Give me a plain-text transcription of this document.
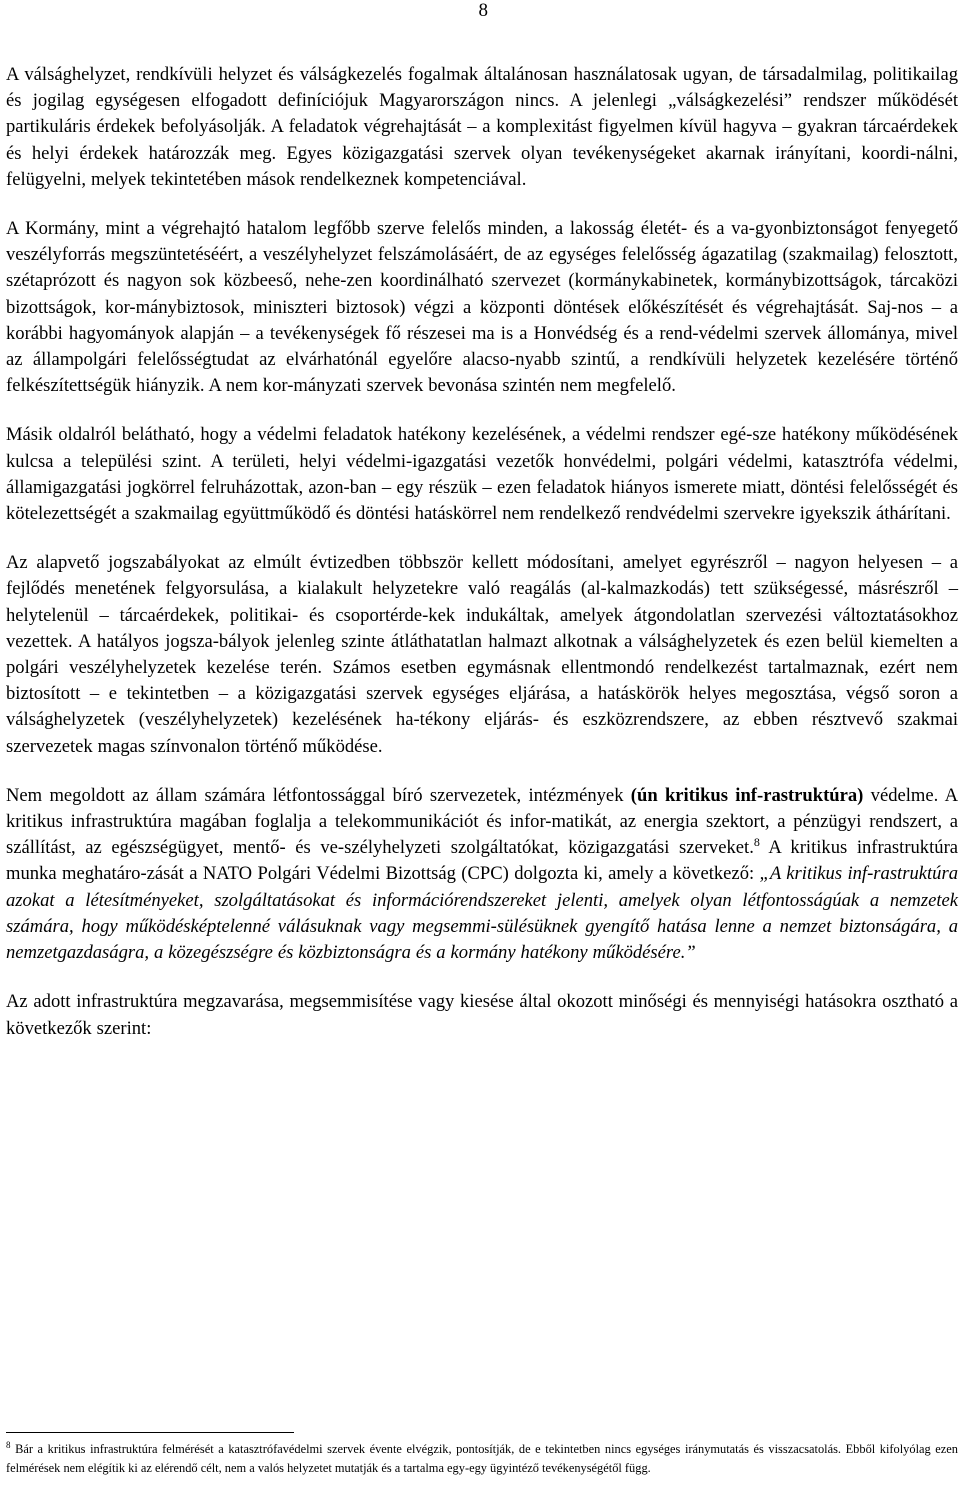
8

A válsághelyzet, rendkívüli helyzet és válságkezelés fogalmak általánosan használatosak ugyan, de társadalmilag, politikailag és jogilag egységesen elfogadott definíciójuk Magyarországon nincs. A jelenlegi „válságkezelési” rendszer működését partikuláris érdekek befolyásolják. A feladatok végrehajtását – a komplexitást figyelmen kívül hagyva – gyakran tárcaérdekek és helyi érdekek határozzák meg. Egyes közigazgatási szervek olyan tevékenységeket akarnak irányítani, koordi-nálni, felügyelni, melyek tekintetében mások rendelkeznek kompetenciával.

A Kormány, mint a végrehajtó hatalom legfőbb szerve felelős minden, a lakosság életét- és a va-gyonbiztonságot fenyegető veszélyforrás megszüntetéséért, a veszélyhelyzet felszámolásáért, de az egységes felelősség ágazatilag (szakmailag) felosztott, szétaprózott és nagyon sok közbeeső, nehe-zen koordinálható szervezet (kormánykabinetek, kormánybizottságok, tárcaközi bizottságok, kor-mánybiztosok, miniszteri biztosok) végzi a központi döntések előkészítését és végrehajtását. Saj-nos – a korábbi hagyományok alapján – a tevékenységek fő részesei ma is a Honvédség és a rend-védelmi szervek állománya, mivel az állampolgári felelősségtudat az elvárhatónál egyelőre alacso-nyabb szintű, a rendkívüli helyzetek kezelésére történő felkészítettségük hiányzik. A nem kor-mányzati szervek bevonása szintén nem megfelelő.

Másik oldalról belátható, hogy a védelmi feladatok hatékony kezelésének, a védelmi rendszer egé-sze hatékony működésének kulcsa a települési szint. A területi, helyi védelmi-igazgatási vezetők honvédelmi, polgári védelmi, katasztrófa védelmi, államigazgatási jogkörrel felruházottak, azon-ban – egy részük – ezen feladatok hiányos ismerete miatt, döntési felelősségét és kötelezettségét a szakmailag együttműködő és döntési hatáskörrel nem rendelkező rendvédelmi szervekre igyekszik áthárítani.

Az alapvető jogszabályokat az elmúlt évtizedben többször kellett módosítani, amelyet egyrészről – nagyon helyesen – a fejlődés menetének felgyorsulása, a kialakult helyzetekre való reagálás (al-kalmazkodás) tett szükségessé, másrészről – helytelenül – tárcaérdekek, politikai- és csoportérde-kek indukáltak, amelyek átgondolatlan szervezési változtatásokhoz vezettek. A hatályos jogsza-bályok jelenleg szinte átláthatatlan halmazt alkotnak a válsághelyzetek és ezen belül kiemelten a polgári veszélyhelyzetek kezelése terén. Számos esetben egymásnak ellentmondó rendelkezést tartalmaznak, ezért nem biztosított – e tekintetben – a közigazgatási szervek egységes eljárása, a hatáskörök helyes megosztása, végső soron a válsághelyzetek (veszélyhelyzetek) kezelésének ha-tékony eljárás- és eszközrendszere, az ebben résztvevő szakmai szervezetek magas színvonalon történő működése.

Nem megoldott az állam számára létfontossággal bíró szervezetek, intézmények (ún kritikus inf-rastruktúra) védelme. A kritikus infrastruktúra magában foglalja a telekommunikációt és infor-matikát, az energia szektort, a pénzügyi rendszert, a szállítást, az egészségügyet, mentő- és ve-szélyhelyzeti szolgáltatókat, közigazgatási szerveket.$^8$ A kritikus infrastruktúra munka meghatáro-zását a NATO Polgári Védelmi Bizottság (CPC) dolgozta ki, amely a következő: „A kritikus inf-rastruktúra azokat a létesítményeket, szolgáltatásokat és információrendszereket jelenti, amelyek olyan létfontosságúak a nemzetek számára, hogy működésképtelenné válásuknak vagy megsemmi-sülésüknek gyengítő hatása lenne a nemzet biztonságára, a nemzetgazdaságra, a közegészségre és közbiztonságra és a kormány hatékony működésére.”

Az adott infrastruktúra megzavarása, megsemmisítése vagy kiesése által okozott minőségi és mennyiségi hatásokra osztható a következők szerint:

$^8$ Bár a kritikus infrastruktúra felmérését a katasztrófavédelmi szervek évente elvégzik, pontosítják, de e tekintetben nincs egységes iránymutatás és visszacsatolás. Ebből kifolyólag ezen felmérések nem elégítik ki az elérendő célt, nem a valós helyzetet mutatják és a tartalma egy-egy ügyintéző tevékenységétől függ.
